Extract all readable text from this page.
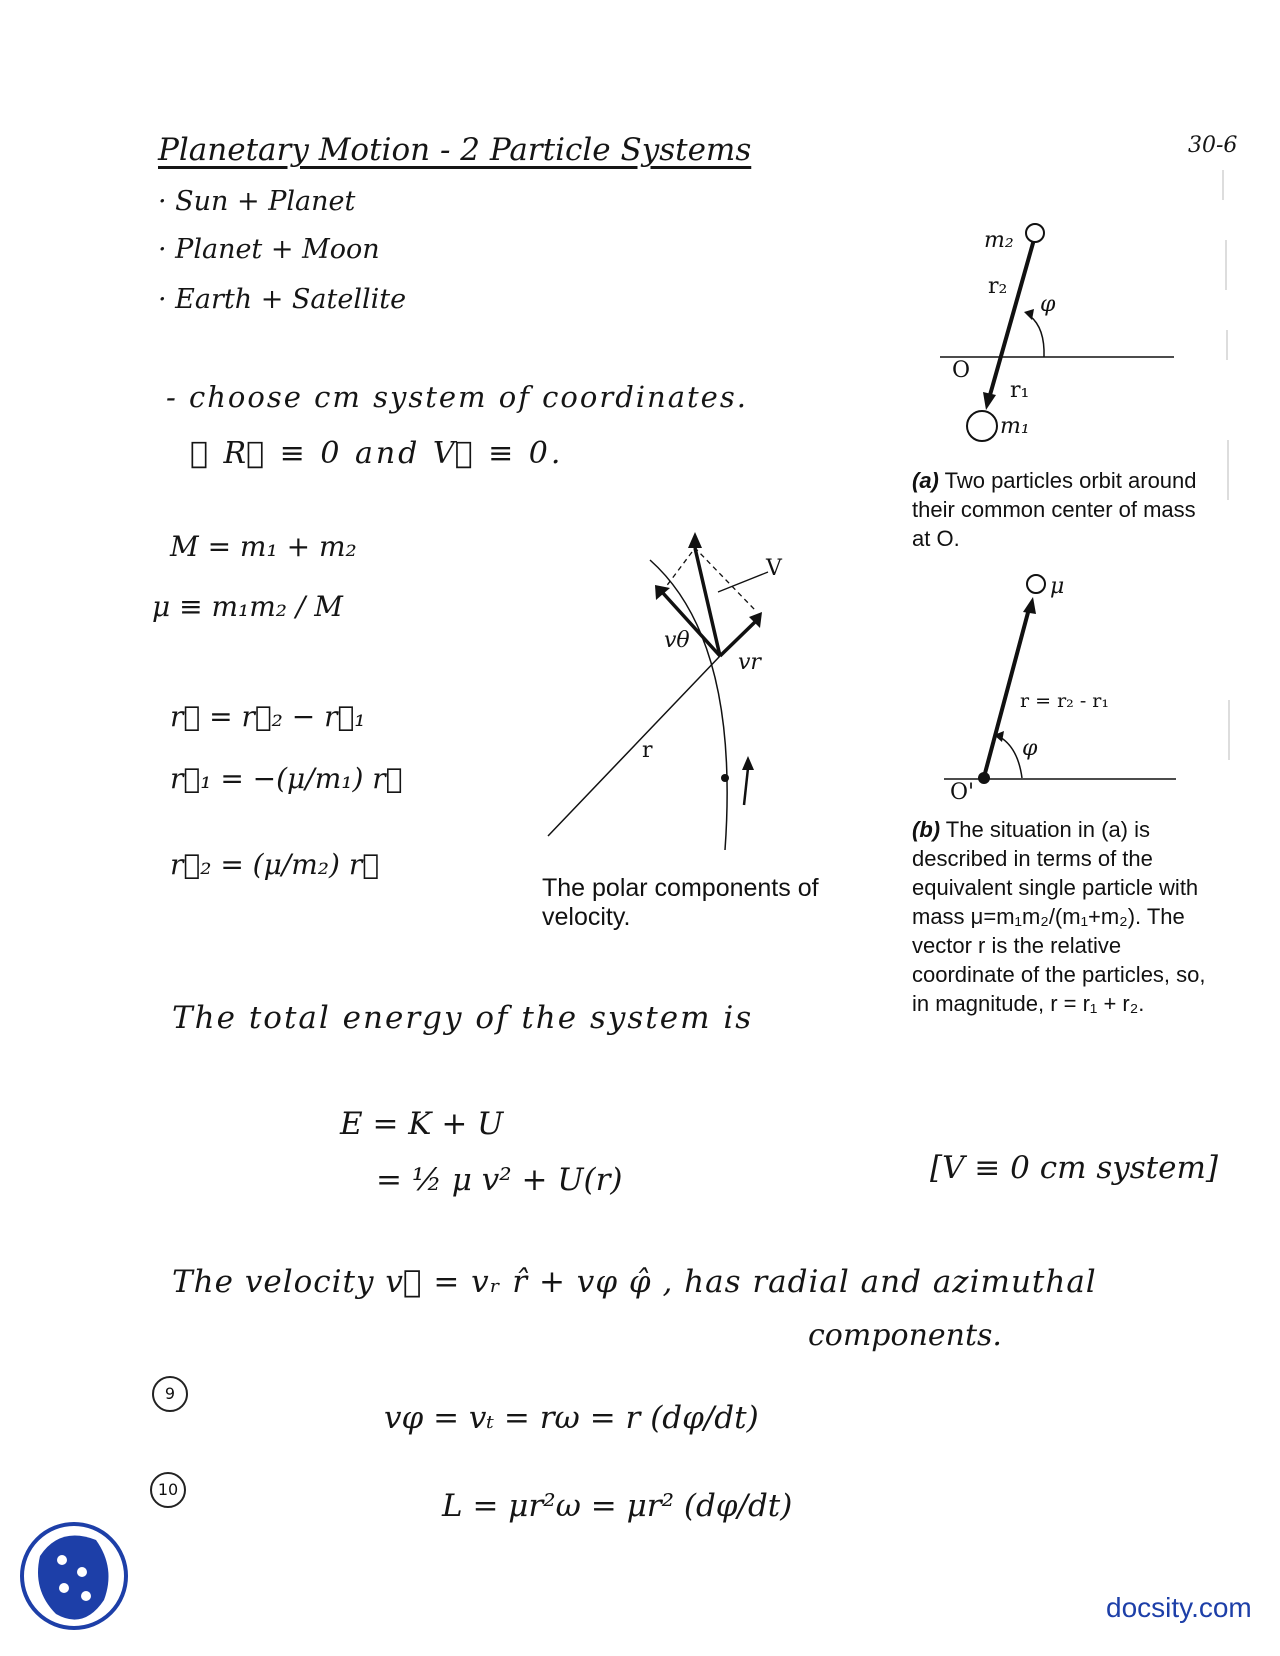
Planetary Motion - 2 Particle Systems	30-6
· Sun + Planet
· Planet + Moon
· Earth + Satellite
- choose cm system of coordinates.
∴ R⃗ ≡ 0 and V⃗ ≡ 0.
M = m₁ + m₂
μ ≡ m₁m₂ / M
r⃗ = r⃗₂ − r⃗₁
r⃗₁ = −(μ/m₁) r⃗
r⃗₂ = (μ/m₂) r⃗
The total energy of the system is
E = K + U
= ½ μ v² + U(r)	[V ≡ 0 cm system]
The velocity v⃗ = vᵣ r̂ + vφ φ̂ , has radial and azimuthal
components.
9
vφ = vₜ = rω = r (dφ/dt)
10	L = μr²ω = μr² (dφ/dt)
V
vθ
vr
r
m₂
r₂
φ
O
r₁
m₁
μ
r = r₂ - r₁
φ
O'
(a) Two particles orbit around their common center of mass at O.
(b) The situation in (a) is described in terms of the equivalent single particle with mass μ=m₁m₂/(m₁+m₂). The vector r is the relative coordinate of the particles, so, in magnitude, r = r₁ + r₂.
The polar components of velocity.
docsity.com
